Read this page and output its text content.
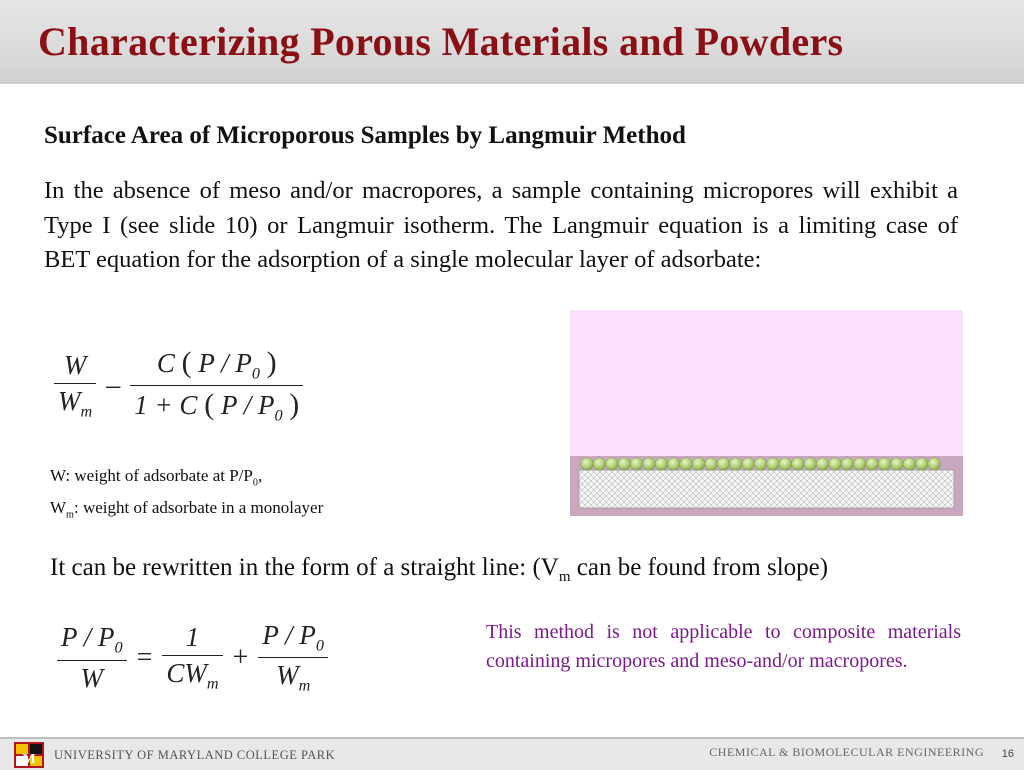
Characterizing Porous Materials and Powders
Surface Area of Microporous Samples by Langmuir Method
In the absence of meso and/or macropores, a sample containing micropores will exhibit a Type I (see slide 10) or Langmuir isotherm. The Langmuir equation is a limiting case of BET equation for the adsorption of a single molecular layer of adsorbate:
$\frac{W}{W_m} - \frac{C ( P / P_0 )}{1 + C ( P / P_0 )}$
W: weight of adsorbate at $P/P_0$,
$W_m$: weight of adsorbate in a monolayer
It can be rewritten in the form of a straight line: ($V_m$ can be found from slope)
$\frac{P / P_0}{W} = \frac{1}{CW_m} + \frac{P / P_0}{W_m}$	This method is not applicable to composite materials containing micropores and meso-and/or macropores.
M UNIVERSITY OF MARYLAND COLLEGE PARK	CHEMICAL & BIOMOLECULAR ENGINEERING 16
